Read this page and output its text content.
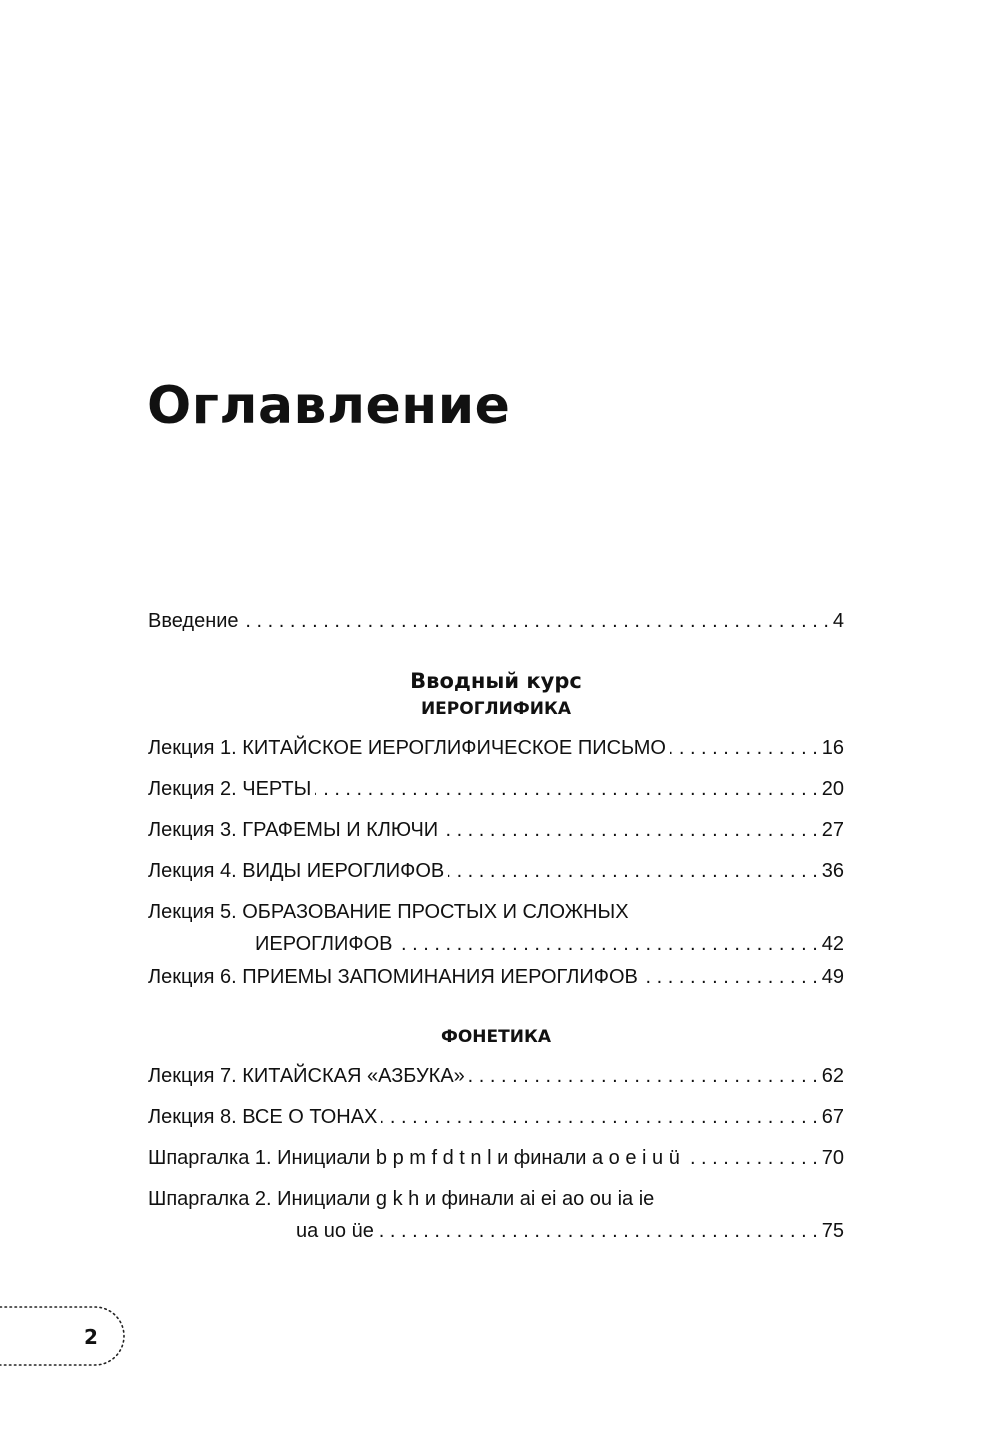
Оглавление
Введение . . .	4
Вводный курс
ИЕРОГЛИФИКА
Лекция 1. КИТАЙСКОЕ ИЕРОГЛИФИЧЕСКОЕ ПИСЬМО . . .	16
Лекция 2. ЧЕРТЫ . . .	20
Лекция 3. ГРАФЕМЫ И КЛЮЧИ . . .	27
Лекция 4. ВИДЫ ИЕРОГЛИФОВ . . .	36
Лекция 5. ОБРАЗОВАНИЕ ПРОСТЫХ И СЛОЖНЫХ
ИЕРОГЛИФОВ . . .	42
Лекция 6. ПРИЕМЫ ЗАПОМИНАНИЯ ИЕРОГЛИФОВ . . .	49
ФОНЕТИКА
Лекция 7. КИТАЙСКАЯ «АЗБУКА» . . .	62
Лекция 8. ВСЕ О ТОНАХ . . .	67
Шпаргалка 1. Инициали b p m f d t n l и финали a o e i u ü . . .	70
Шпаргалка 2. Инициали g k h и финали ai ei ao ou ia ie
ua uo üe . . .	75
2
